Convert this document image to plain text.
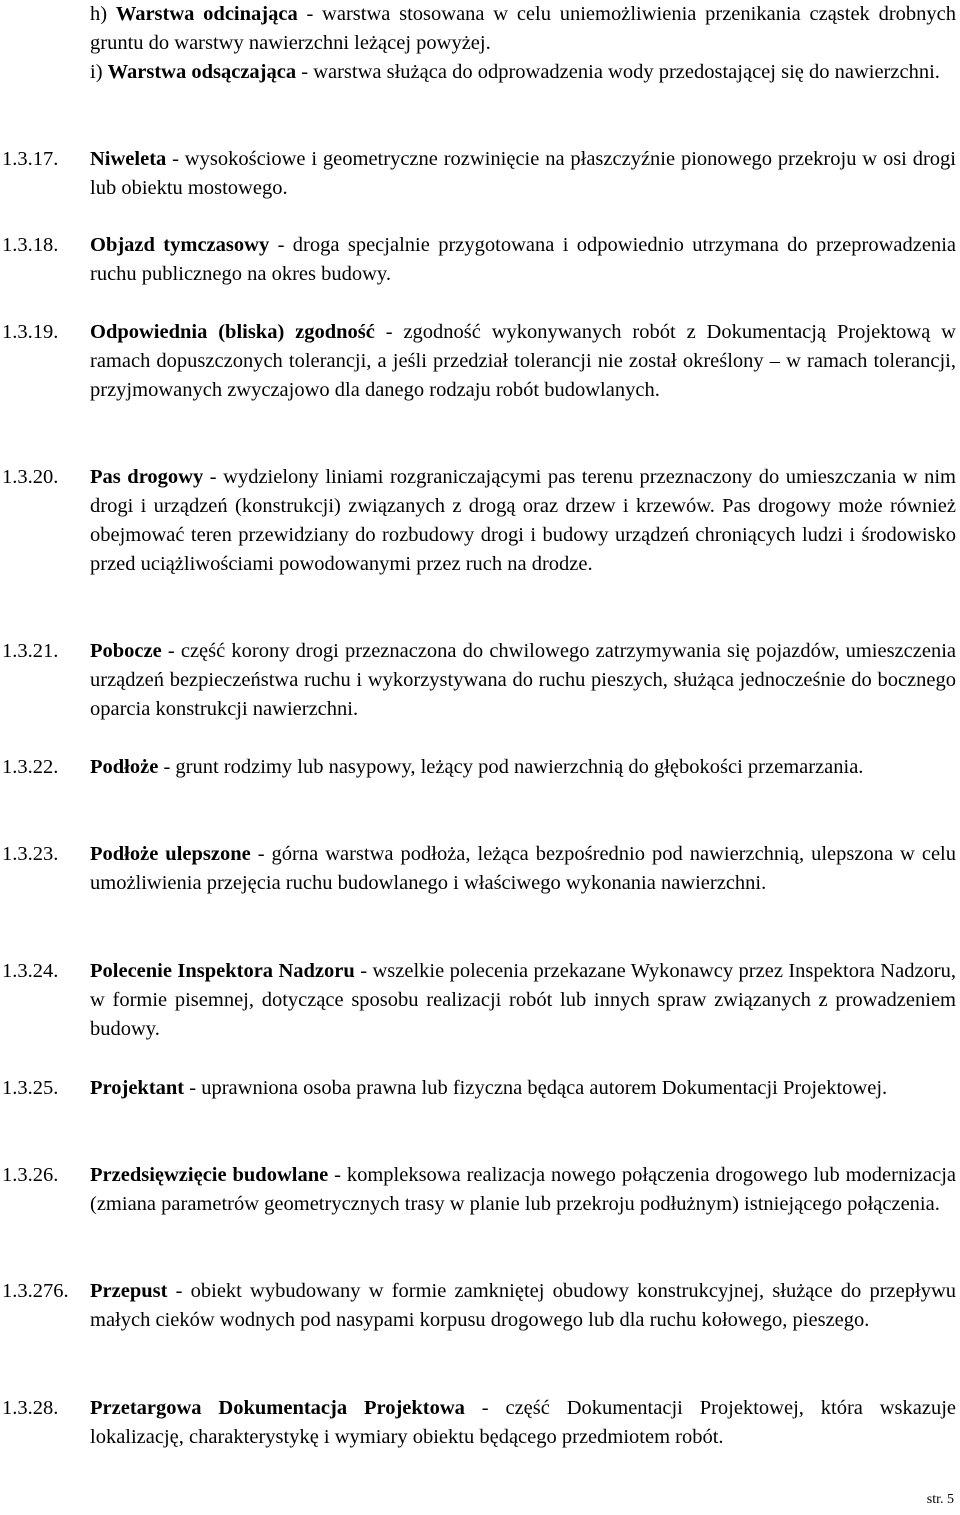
h) Warstwa odcinająca - warstwa stosowana w celu uniemożliwienia przenikania cząstek drobnych gruntu do warstwy nawierzchni leżącej powyżej.
i) Warstwa odsączająca - warstwa służąca do odprowadzenia wody przedostającej się do nawierzchni.
1.3.17. Niweleta - wysokościowe i geometryczne rozwinięcie na płaszczyźnie pionowego przekroju w osi drogi lub obiektu mostowego.
1.3.18. Objazd tymczasowy - droga specjalnie przygotowana i odpowiednio utrzymana do przeprowadzenia ruchu publicznego na okres budowy.
1.3.19. Odpowiednia (bliska) zgodność - zgodność wykonywanych robót z Dokumentacją Projektową w ramach dopuszczonych tolerancji, a jeśli przedział tolerancji nie został określony – w ramach tolerancji, przyjmowanych zwyczajowo dla danego rodzaju robót budowlanych.
1.3.20. Pas drogowy - wydzielony liniami rozgraniczającymi pas terenu przeznaczony do umieszczania w nim drogi i urządzeń (konstrukcji) związanych z drogą oraz drzew i krzewów. Pas drogowy może również obejmować teren przewidziany do rozbudowy drogi i budowy urządzeń chroniących ludzi i środowisko przed uciążliwościami powodowanymi przez ruch na drodze.
1.3.21. Pobocze - część korony drogi przeznaczona do chwilowego zatrzymywania się pojazdów, umieszczenia urządzeń bezpieczeństwa ruchu i wykorzystywana do ruchu pieszych, służąca jednocześnie do bocznego oparcia konstrukcji nawierzchni.
1.3.22. Podłoże - grunt rodzimy lub nasypowy, leżący pod nawierzchnią do głębokości przemarzania.
1.3.23. Podłoże ulepszone - górna warstwa podłoża, leżąca bezpośrednio pod nawierzchnią, ulepszona w celu umożliwienia przejęcia ruchu budowlanego i właściwego wykonania nawierzchni.
1.3.24. Polecenie Inspektora Nadzoru - wszelkie polecenia przekazane Wykonawcy przez Inspektora Nadzoru, w formie pisemnej, dotyczące sposobu realizacji robót lub innych spraw związanych z prowadzeniem budowy.
1.3.25. Projektant - uprawniona osoba prawna lub fizyczna będąca autorem Dokumentacji Projektowej.
1.3.26. Przedsięwzięcie budowlane - kompleksowa realizacja nowego połączenia drogowego lub modernizacja (zmiana parametrów geometrycznych trasy w planie lub przekroju podłużnym) istniejącego połączenia.
1.3.276. Przepust - obiekt wybudowany w formie zamkniętej obudowy konstrukcyjnej, służące do przepływu małych cieków wodnych pod nasypami korpusu drogowego lub dla ruchu kołowego, pieszego.
1.3.28. Przetargowa Dokumentacja Projektowa - część Dokumentacji Projektowej, która wskazuje lokalizację, charakterystykę i wymiary obiektu będącego przedmiotem robót.
str. 5
